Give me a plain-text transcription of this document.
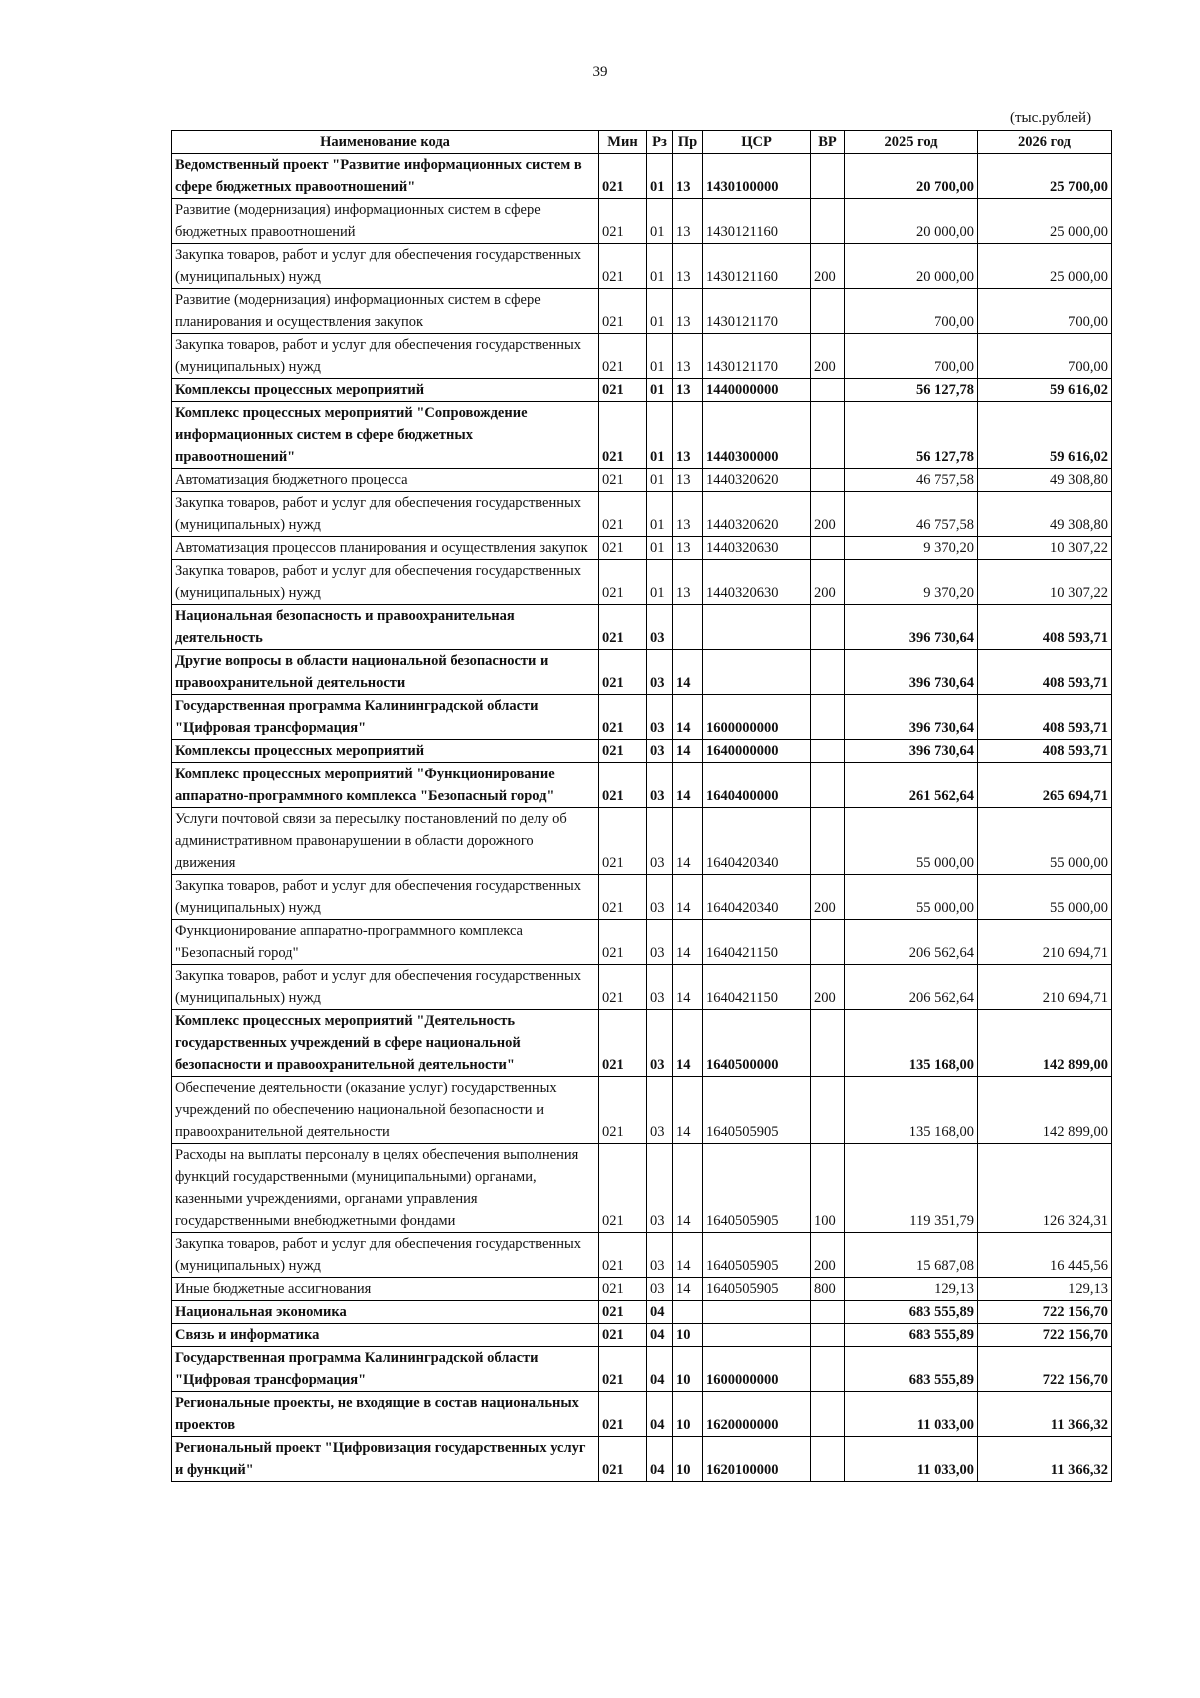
39
(тыс.рублей)
Наименование кода	Мин	Рз	Пр	ЦСР	ВР	2025 год	2026 год
Ведомственный проект "Развитие информационных систем в сфере бюджетных правоотношений"	021	01	13	1430100000		20 700,00	25 700,00
Развитие (модернизация) информационных систем в сфере бюджетных правоотношений	021	01	13	1430121160		20 000,00	25 000,00
Закупка товаров, работ и услуг для обеспечения государственных (муниципальных) нужд	021	01	13	1430121160	200	20 000,00	25 000,00
Развитие (модернизация) информационных систем в сфере планирования и осуществления закупок	021	01	13	1430121170		700,00	700,00
Закупка товаров, работ и услуг для обеспечения государственных (муниципальных) нужд	021	01	13	1430121170	200	700,00	700,00
Комплексы процессных мероприятий	021	01	13	1440000000		56 127,78	59 616,02
Комплекс процессных мероприятий "Сопровождение информационных систем в сфере бюджетных правоотношений"	021	01	13	1440300000		56 127,78	59 616,02
Автоматизация бюджетного процесса	021	01	13	1440320620		46 757,58	49 308,80
Закупка товаров, работ и услуг для обеспечения государственных (муниципальных) нужд	021	01	13	1440320620	200	46 757,58	49 308,80
Автоматизация процессов планирования и осуществления закупок	021	01	13	1440320630		9 370,20	10 307,22
Закупка товаров, работ и услуг для обеспечения государственных (муниципальных) нужд	021	01	13	1440320630	200	9 370,20	10 307,22
Национальная безопасность и правоохранительная деятельность	021	03				396 730,64	408 593,71
Другие вопросы в области национальной безопасности и правоохранительной деятельности	021	03	14			396 730,64	408 593,71
Государственная программа Калининградской области "Цифровая трансформация"	021	03	14	1600000000		396 730,64	408 593,71
Комплексы процессных мероприятий	021	03	14	1640000000		396 730,64	408 593,71
Комплекс процессных мероприятий "Функционирование аппаратно-программного комплекса "Безопасный город"	021	03	14	1640400000		261 562,64	265 694,71
Услуги почтовой связи за пересылку постановлений по делу об административном правонарушении в области дорожного движения	021	03	14	1640420340		55 000,00	55 000,00
Закупка товаров, работ и услуг для обеспечения государственных (муниципальных) нужд	021	03	14	1640420340	200	55 000,00	55 000,00
Функционирование аппаратно-программного комплекса "Безопасный город"	021	03	14	1640421150		206 562,64	210 694,71
Закупка товаров, работ и услуг для обеспечения государственных (муниципальных) нужд	021	03	14	1640421150	200	206 562,64	210 694,71
Комплекс процессных мероприятий "Деятельность государственных учреждений в сфере национальной безопасности и правоохранительной деятельности"	021	03	14	1640500000		135 168,00	142 899,00
Обеспечение деятельности (оказание услуг) государственных учреждений по обеспечению национальной безопасности и правоохранительной деятельности	021	03	14	1640505905		135 168,00	142 899,00
Расходы на выплаты персоналу в целях обеспечения выполнения функций государственными (муниципальными) органами, казенными учреждениями, органами управления государственными внебюджетными фондами	021	03	14	1640505905	100	119 351,79	126 324,31
Закупка товаров, работ и услуг для обеспечения государственных (муниципальных) нужд	021	03	14	1640505905	200	15 687,08	16 445,56
Иные бюджетные ассигнования	021	03	14	1640505905	800	129,13	129,13
Национальная экономика	021	04				683 555,89	722 156,70
Связь и информатика	021	04	10			683 555,89	722 156,70
Государственная программа Калининградской области "Цифровая трансформация"	021	04	10	1600000000		683 555,89	722 156,70
Региональные проекты, не входящие в состав национальных проектов	021	04	10	1620000000		11 033,00	11 366,32
Региональный проект "Цифровизация государственных услуг и функций"	021	04	10	1620100000		11 033,00	11 366,32
